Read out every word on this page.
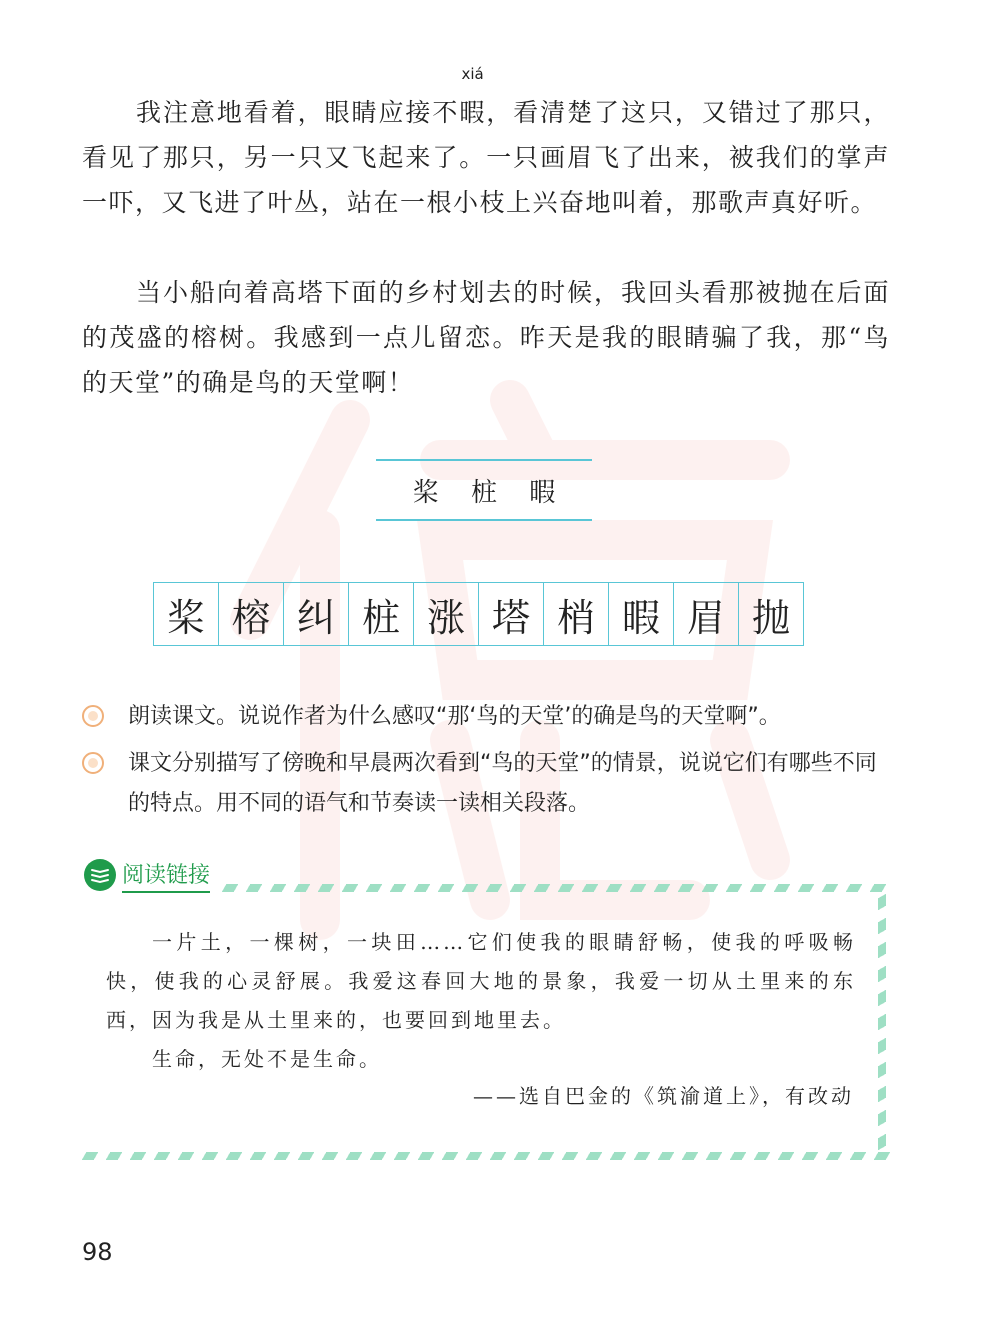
我注意地看着，眼睛应接不
xiá
暇，看清楚了这只，又错过了那只，看见了那只，另一只又飞起来了。一只画眉飞了出来，被我们的掌声一吓，又飞进了叶丛，站在一根小枝上兴奋地叫着，那歌声真好听。

当小船向着高塔下面的乡村划去的时候，我回头看那被抛在后面的茂盛的榕树。我感到一点儿留恋。昨天是我的眼睛骗了我，那“鸟的天堂”的确是鸟的天堂啊！

桨 桩 暇
桨 榕 纠 桩 涨 塔 梢 暇 眉 抛
朗读课文。说说作者为什么感叹“那‘鸟的天堂’的确是鸟的天堂啊”。
课文分别描写了傍晚和早晨两次看到“鸟的天堂”的情景，说说它们有哪些不同的特点。用不同的语气和节奏读一读相关段落。
阅读链接

一片土，一棵树，一块田……它们使我的眼睛舒畅，使我的呼吸畅快，使我的心灵舒展。我爱这春回大地的景象，我爱一切从土里来的东西，因为我是从土里来的，也要回到地里去。

生命，无处不是生命。

——选自巴金的《筑渝道上》，有改动
98
